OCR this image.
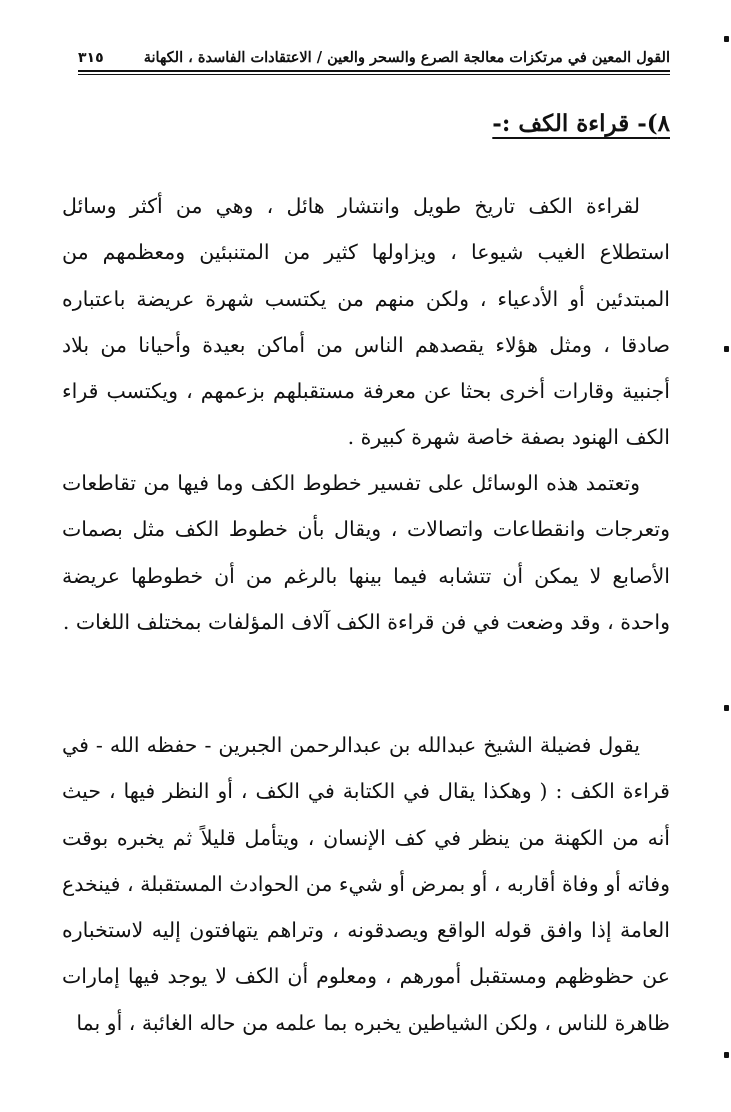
القول المعين في مرتكزات معالجة الصرع والسحر والعين / الاعتقادات الفاسدة ، الكهانة
٣١٥
٨)- قراءة الكف :-
لقراءة الكف تاريخ طويل وانتشار هائل ، وهي من أكثر وسائل استطلاع الغيب شيوعا ، ويزاولها كثير من المتنبئين ومعظمهم من المبتدئين أو الأدعياء ، ولكن منهم من يكتسب شهرة عريضة باعتباره صادقا ، ومثل هؤلاء يقصدهم الناس من أماكن بعيدة وأحيانا من بلاد أجنبية وقارات أخرى بحثا عن معرفة مستقبلهم بزعمهم ، ويكتسب قراء الكف الهنود بصفة خاصة شهرة كبيرة .
وتعتمد هذه الوسائل على تفسير خطوط الكف وما فيها من تقاطعات وتعرجات وانقطاعات واتصالات ، ويقال بأن خطوط الكف مثل بصمات الأصابع لا يمكن أن تتشابه فيما بينها بالرغم من أن خطوطها عريضة واحدة ، وقد وضعت في فن قراءة الكف آلاف المؤلفات بمختلف اللغات .
يقول فضيلة الشيخ عبدالله بن عبدالرحمن الجبرين - حفظه الله - في قراءة الكف : ( وهكذا يقال في الكتابة في الكف ، أو النظر فيها ، حيث أنه من الكهنة من ينظر في كف الإنسان ، ويتأمل قليلاً ثم يخبره بوقت وفاته أو وفاة أقاربه ، أو بمرض أو شيء من الحوادث المستقبلة ، فينخدع العامة إذا وافق قوله الواقع ويصدقونه ، وتراهم يتهافتون إليه لاستخباره عن حظوظهم ومستقبل أمورهم ، ومعلوم أن الكف لا يوجد فيها إمارات ظاهرة للناس ، ولكن الشياطين يخبره بما علمه من حاله الغائبة ، أو بما
